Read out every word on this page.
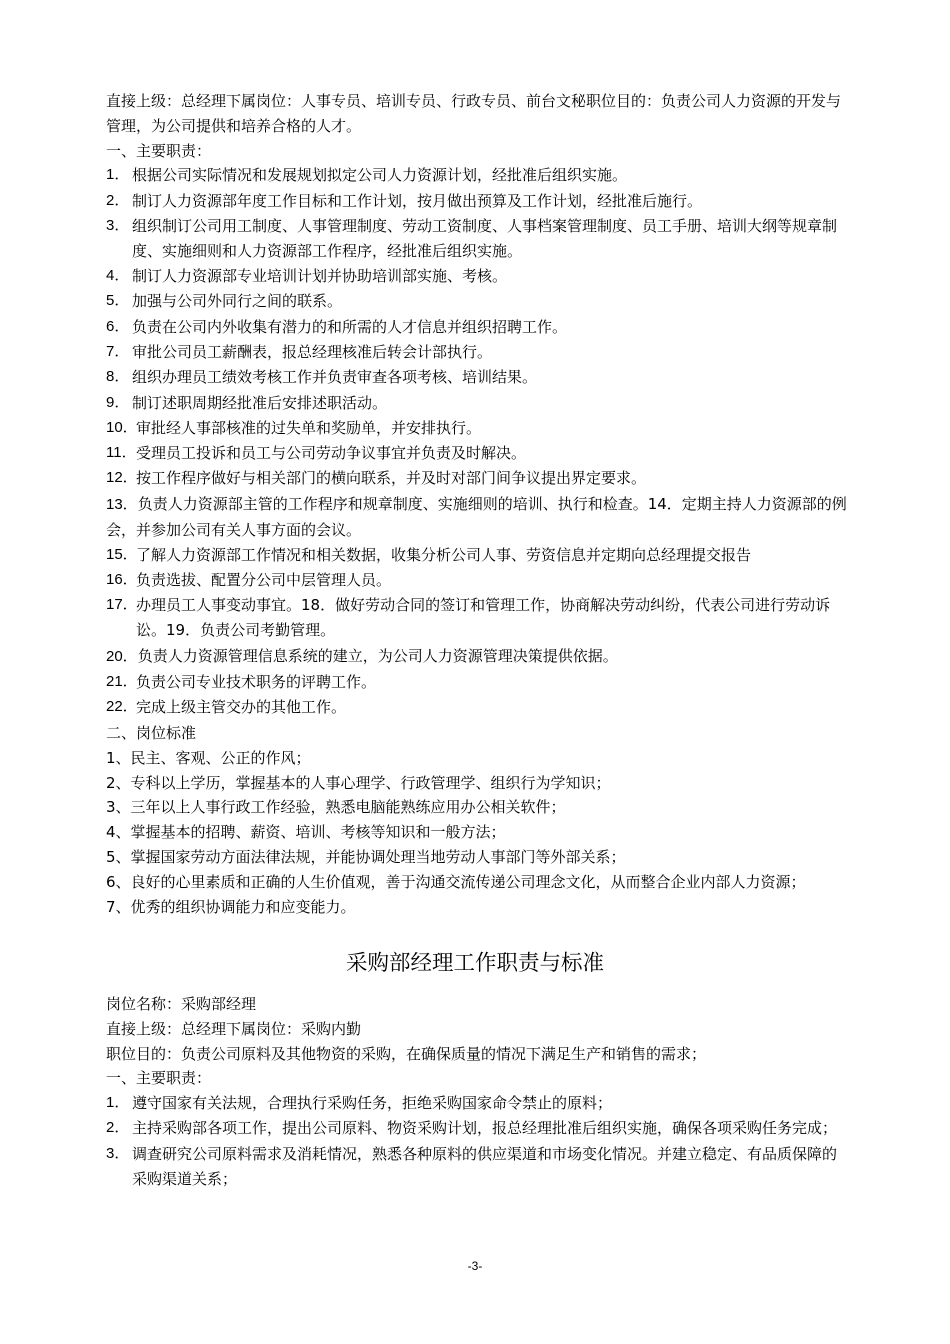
直接上级：总经理下属岗位：人事专员、培训专员、行政专员、前台文秘职位目的：负责公司人力资源的开发与管理，为公司提供和培养合格的人才。

一、主要职责：

1． 根据公司实际情况和发展规划拟定公司人力资源计划，经批准后组织实施。
2． 制订人力资源部年度工作目标和工作计划，按月做出预算及工作计划，经批准后施行。
3． 组织制订公司用工制度、人事管理制度、劳动工资制度、人事档案管理制度、员工手册、培训大纲等规章制度、实施细则和人力资源部工作程序，经批准后组织实施。
4． 制订人力资源部专业培训计划并协助培训部实施、考核。
5． 加强与公司外同行之间的联系。
6． 负责在公司内外收集有潜力的和所需的人才信息并组织招聘工作。
7． 审批公司员工薪酬表，报总经理核准后转会计部执行。
8． 组织办理员工绩效考核工作并负责审查各项考核、培训结果。
9． 制订述职周期经批准后安排述职活动。
10．
审批经人事部核准的过失单和奖励单，并安排执行。
11． 受理员工投诉和员工与公司劳动争议事宜并负责及时解决。
12．
按工作程序做好与相关部门的横向联系，并及时对部门间争议提出界定要求。
13．负责人力资源部主管的工作程序和规章制度、实施细则的培训、执行和检查。14．定期主持人力资源部的例会，并参加公司有关人事方面的会议。
15．
了解人力资源部工作情况和相关数据，收集分析公司人事、劳资信息并定期向总经理提交报告
16．
负责选拔、配置分公司中层管理人员。
17．
办理员工人事变动事宜。18．做好劳动合同的签订和管理工作，协商解决劳动纠纷，代表公司进行劳动诉讼。19．负责公司考勤管理。
20．负责人力资源管理信息系统的建立，为公司人力资源管理决策提供依据。
21．
负责公司专业技术职务的评聘工作。
22．
完成上级主管交办的其他工作。

二、岗位标准

1、民主、客观、公正的作风；

2、专科以上学历，掌握基本的人事心理学、行政管理学、组织行为学知识；

3、三年以上人事行政工作经验，熟悉电脑能熟练应用办公相关软件；

4、掌握基本的招聘、薪资、培训、考核等知识和一般方法；

5、掌握国家劳动方面法律法规，并能协调处理当地劳动人事部门等外部关系；

6、良好的心里素质和正确的人生价值观，善于沟通交流传递公司理念文化，从而整合企业内部人力资源；

7、优秀的组织协调能力和应变能力。

采购部经理工作职责与标准

岗位名称：采购部经理

直接上级：总经理下属岗位：采购内勤

职位目的：负责公司原料及其他物资的采购，在确保质量的情况下满足生产和销售的需求；

一、主要职责：

1． 遵守国家有关法规，合理执行采购任务，拒绝采购国家命令禁止的原料；
2． 主持采购部各项工作，提出公司原料、物资采购计划，报总经理批准后组织实施，确保各项采购任务完成；
3． 调查研究公司原料需求及消耗情况，熟悉各种原料的供应渠道和市场变化情况。并建立稳定、有品质保障的采购渠道关系；
-3-
